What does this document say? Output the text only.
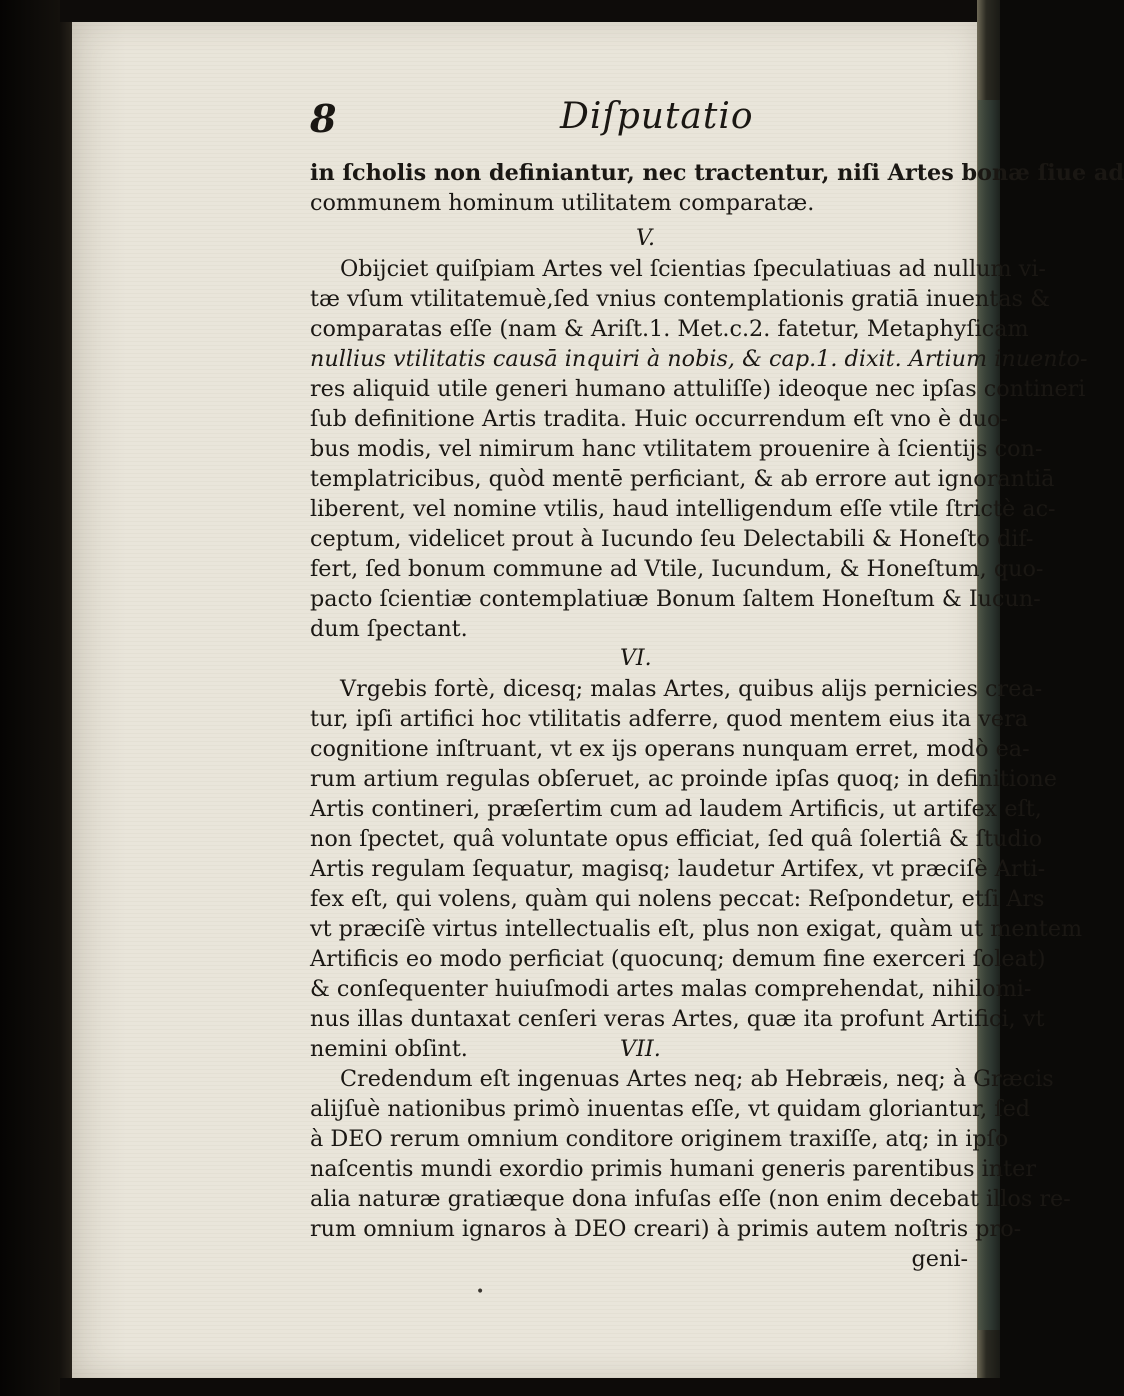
8	Diſputatio
in ſcholis non definiantur, nec tractentur, niſi Artes bonæ ſiue ad
communem hominum utilitatem comparatæ.
V.
Obijciet quiſpiam Artes vel ſcientias ſpeculatiuas ad nullum vi-
tæ vſum vtilitatemuè,ſed vnius contemplationis gratiā inuentas &
comparatas eſſe (nam & Ariſt.1. Met.c.2. fatetur, Metaphyſicam
nullius vtilitatis causā inquiri à nobis, & cap.1. dixit. Artium inuento-
res aliquid utile generi humano attuliſſe) ideoque nec ipſas contineri
ſub definitione Artis tradita. Huic occurrendum eſt vno è duo-
bus modis, vel nimirum hanc vtilitatem prouenire à ſcientijs con-
templatricibus, quòd mentē perficiant, & ab errore aut ignorantiā
liberent, vel nomine vtilis, haud intelligendum eſſe vtile ſtrictè ac-
ceptum, videlicet prout à Iucundo ſeu Delectabili & Honeſto dif-
fert, ſed bonum commune ad Vtile, Iucundum, & Honeſtum, quo-
pacto ſcientiæ contemplatiuæ Bonum ſaltem Honeſtum & Iucun-
dum ſpectant.
VI.
Vrgebis fortè, dicesq; malas Artes, quibus alijs pernicies crea-
tur, ipſi artifici hoc vtilitatis adferre, quod mentem eius ita vera
cognitione inſtruant, vt ex ijs operans nunquam erret, modò ea-
rum artium regulas obſeruet, ac proinde ipſas quoq; in definitione
Artis contineri, præſertim cum ad laudem Artificis, ut artifex eſt,
non ſpectet, quâ voluntate opus efficiat, ſed quâ ſolertiâ & ſtudio
Artis regulam ſequatur, magisq; laudetur Artifex, vt præciſè Arti-
fex eſt, qui volens, quàm qui nolens peccat: Reſpondetur, etſi Ars
vt præciſè virtus intellectualis eſt, plus non exigat, quàm ut mentem
Artificis eo modo perficiat (quocunq; demum fine exerceri ſoleat)
& conſequenter huiuſmodi artes malas comprehendat, nihilomi-
nus illas duntaxat cenſeri veras Artes, quæ ita profunt Artifici, vt
nemini obſint.	VII.
Credendum eſt ingenuas Artes neq; ab Hebræis, neq; à Græcis
alijſuè nationibus primò inuentas eſſe, vt quidam gloriantur, ſed
à DEO rerum omnium conditore originem traxiſſe, atq; in ipſo
naſcentis mundi exordio primis humani generis parentibus inter
alia naturæ gratiæque dona infuſas eſſe (non enim decebat illos re-
rum omnium ignaros à DEO creari) à primis autem noſtris pro-
geni-
•
